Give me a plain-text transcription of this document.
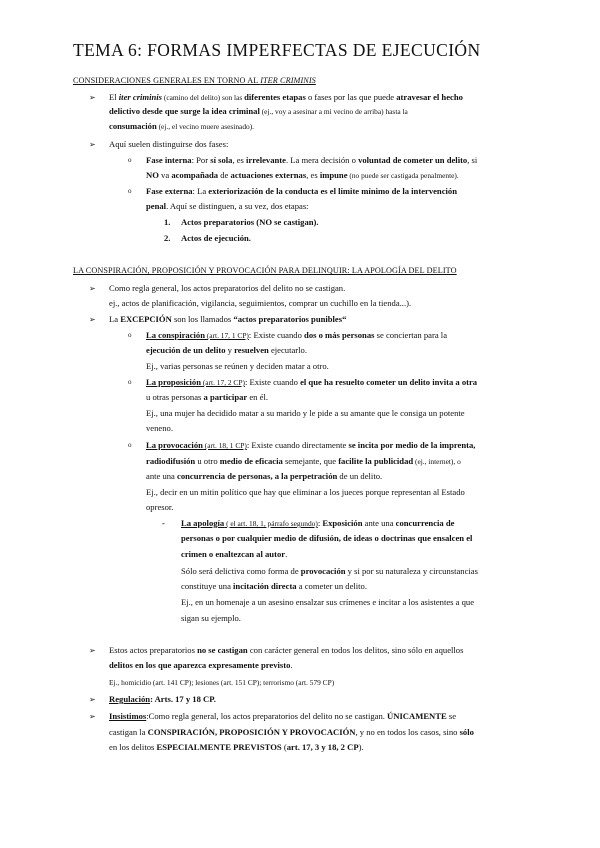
TEMA 6: FORMAS IMPERFECTAS DE EJECUCIÓN
CONSIDERACIONES GENERALES EN TORNO AL ITER CRIMINIS
➢ El iter criminis (camino del delito) son las diferentes etapas o fases por las que puede atravesar el hecho
delictivo desde que surge la idea criminal (ej., voy a asesinar a mi vecino de arriba) hasta la
consumación (ej., el vecino muere asesinado).
➢ Aquí suelen distinguirse dos fases:
o Fase interna: Por sí sola, es irrelevante. La mera decisión o voluntad de cometer un delito, si
NO va acompañada de actuaciones externas, es impune (no puede ser castigada penalmente).
o Fase externa: La exteriorización de la conducta es el límite mínimo de la intervención
penal. Aquí se distinguen, a su vez, dos etapas:
1. Actos preparatorios (NO se castigan).
2. Actos de ejecución.
LA CONSPIRACIÓN, PROPOSICIÓN Y PROVOCACIÓN PARA DELINQUIR: LA APOLOGÍA DEL DELITO
➢ Como regla general, los actos preparatorios del delito no se castigan.
ej., actos de planificación, vigilancia, seguimientos, comprar un cuchillo en la tienda...).
➢ La EXCEPCIÓN son los llamados “actos preparatorios punibles“
o La conspiración (art. 17, 1 CP): Existe cuando dos o más personas se conciertan para la
ejecución de un delito y resuelven ejecutarlo.
Ej., varias personas se reúnen y deciden matar a otro.
o La proposición (art. 17, 2 CP): Existe cuando el que ha resuelto cometer un delito invita a otra
u otras personas a participar en él.
Ej., una mujer ha decidido matar a su marido y le pide a su amante que le consiga un potente
veneno.
o La provocación (art. 18, 1 CP): Existe cuando directamente se incita por medio de la imprenta,
radiodifusión u otro medio de eficacia semejante, que facilite la publicidad (ej., internet), o
ante una concurrencia de personas, a la perpetración de un delito.
Ej., decir en un mitin político que hay que eliminar a los jueces porque representan al Estado
opresor.
- La apología ( el art. 18, 1, párrafo segundo): Exposición ante una concurrencia de
personas o por cualquier medio de difusión, de ideas o doctrinas que ensalcen el
crimen o enaltezcan al autor.
Sólo será delictiva como forma de provocación y si por su naturaleza y circunstancias
constituye una incitación directa a cometer un delito.
Ej., en un homenaje a un asesino ensalzar sus crímenes e incitar a los asistentes a que
sigan su ejemplo.
➢ Estos actos preparatorios no se castigan con carácter general en todos los delitos, sino sólo en aquellos
delitos en los que aparezca expresamente previsto.
Ej., homicidio (art. 141 CP); lesiones (art. 151 CP); terrorismo (art. 579 CP)
➢ Regulación: Arts. 17 y 18 CP.
➢ Insistimos:Como regla general, los actos preparatorios del delito no se castigan. ÚNICAMENTE se
castigan la CONSPIRACIÓN, PROPOSICIÓN Y PROVOCACIÓN, y no en todos los casos, sino sólo
en los delitos ESPECIALMENTE PREVISTOS (art. 17, 3 y 18, 2 CP).
